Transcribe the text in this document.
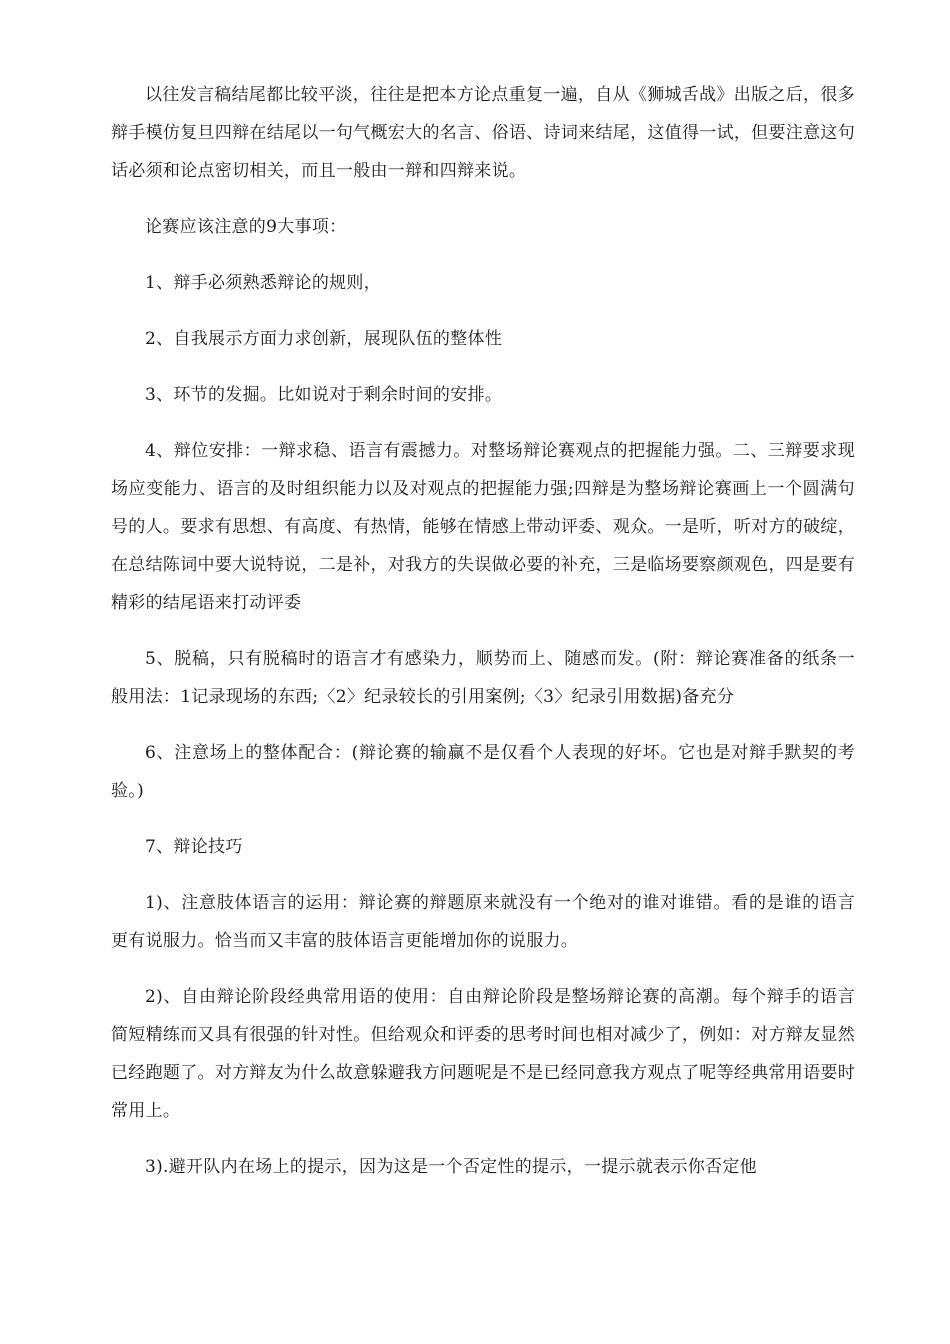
以往发言稿结尾都比较平淡，往往是把本方论点重复一遍，自从《狮城舌战》出版之后，很多辩手模仿复旦四辩在结尾以一句气概宏大的名言、俗语、诗词来结尾，这值得一试，但要注意这句话必须和论点密切相关，而且一般由一辩和四辩来说。

论赛应该注意的9大事项：

1、辩手必须熟悉辩论的规则，

2、自我展示方面力求创新，展现队伍的整体性

3、环节的发掘。比如说对于剩余时间的安排。

4、辩位安排：一辩求稳、语言有震撼力。对整场辩论赛观点的把握能力强。二、三辩要求现场应变能力、语言的及时组织能力以及对观点的把握能力强;四辩是为整场辩论赛画上一个圆满句号的人。要求有思想、有高度、有热情，能够在情感上带动评委、观众。一是听，听对方的破绽，在总结陈词中要大说特说，二是补，对我方的失误做必要的补充，三是临场要察颜观色，四是要有精彩的结尾语来打动评委

5、脱稿，只有脱稿时的语言才有感染力，顺势而上、随感而发。(附：辩论赛准备的纸条一般用法：1记录现场的东西;〈2〉纪录较长的引用案例;〈3〉纪录引用数据)备充分

6、注意场上的整体配合：(辩论赛的输赢不是仅看个人表现的好坏。它也是对辩手默契的考验。)

7、辩论技巧

1)、注意肢体语言的运用：辩论赛的辩题原来就没有一个绝对的谁对谁错。看的是谁的语言更有说服力。恰当而又丰富的肢体语言更能增加你的说服力。

2)、自由辩论阶段经典常用语的使用：自由辩论阶段是整场辩论赛的高潮。每个辩手的语言简短精练而又具有很强的针对性。但给观众和评委的思考时间也相对减少了，例如：对方辩友显然已经跑题了。对方辩友为什么故意躲避我方问题呢是不是已经同意我方观点了呢等经典常用语要时常用上。

3).避开队内在场上的提示，因为这是一个否定性的提示，一提示就表示你否定他
